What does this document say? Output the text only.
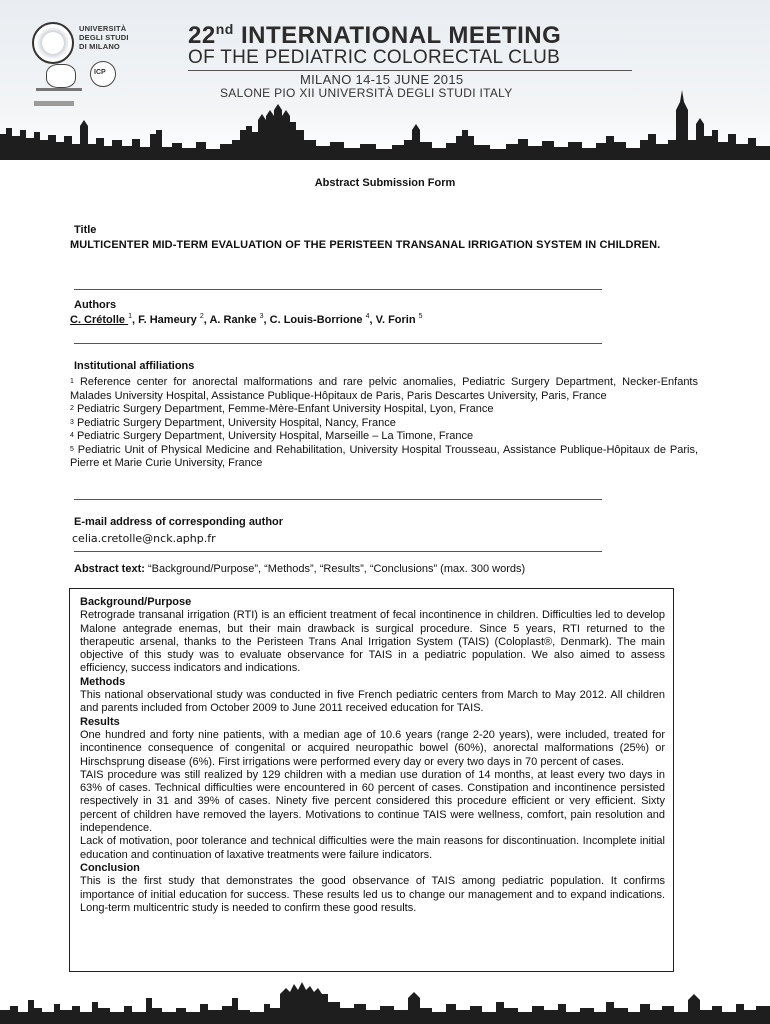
UNIVERSITÀ
DEGLI STUDI
DI MILANO
ICP
22nd INTERNATIONAL MEETING
OF THE PEDIATRIC COLORECTAL CLUB
MILANO 14-15 JUNE 2015
SALONE PIO XII UNIVERSITÀ DEGLI STUDI ITALY
Abstract Submission Form
Title
MULTICENTER MID-TERM EVALUATION OF THE PERISTEEN TRANSANAL IRRIGATION SYSTEM IN CHILDREN.
Authors
C. Crétolle $^1$, F. Hameury $^2$, A. Ranke $^3$, C. Louis-Borrione $^4$, V. Forin $^5$
Institutional affiliations

$^1$ Reference center for anorectal malformations and rare pelvic anomalies, Pediatric Surgery Department, Necker-Enfants Malades University Hospital, Assistance Publique-Hôpitaux de Paris, Paris Descartes University, Paris, France

$^2$ Pediatric Surgery Department, Femme-Mère-Enfant University Hospital, Lyon, France

$^3$ Pediatric Surgery Department, University Hospital, Nancy, France

$^4$ Pediatric Surgery Department, University Hospital, Marseille – La Timone, France

$^5$ Pediatric Unit of Physical Medicine and Rehabilitation, University Hospital Trousseau, Assistance Publique-Hôpitaux de Paris, Pierre et Marie Curie University, France

E-mail address of corresponding author
celia.cretolle@nck.aphp.fr
Abstract text: “Background/Purpose”, “Methods”, “Results”, “Conclusions” (max. 300 words)
Background/Purpose

Retrograde transanal irrigation (RTI) is an efficient treatment of fecal incontinence in children. Difficulties led to develop Malone antegrade enemas, but their main drawback is surgical procedure. Since 5 years, RTI returned to the therapeutic arsenal, thanks to the Peristeen Trans Anal Irrigation System (TAIS) (Coloplast®, Denmark). The main objective of this study was to evaluate observance for TAIS in a pediatric population. We also aimed to assess efficiency, success indicators and indications.

Methods

This national observational study was conducted in five French pediatric centers from March to May 2012. All children and parents included from October 2009 to June 2011 received education for TAIS.

Results

One hundred and forty nine patients, with a median age of 10.6 years (range 2-20 years), were included, treated for incontinence consequence of congenital or acquired neuropathic bowel (60%), anorectal malformations (25%) or Hirschsprung disease (6%). First irrigations were performed every day or every two days in 70 percent of cases.

TAIS procedure was still realized by 129 children with a median use duration of 14 months, at least every two days in 63% of cases. Technical difficulties were encountered in 60 percent of cases. Constipation and incontinence persisted respectively in 31 and 39% of cases. Ninety five percent considered this procedure efficient or very efficient. Sixty percent of children have removed the layers. Motivations to continue TAIS were wellness, comfort, pain resolution and independence.

Lack of motivation, poor tolerance and technical difficulties were the main reasons for discontinuation. Incomplete initial education and continuation of laxative treatments were failure indicators.

Conclusion

This is the first study that demonstrates the good observance of TAIS among pediatric population. It confirms importance of initial education for success. These results led us to change our management and to expand indications. Long-term multicentric study is needed to confirm these good results.
